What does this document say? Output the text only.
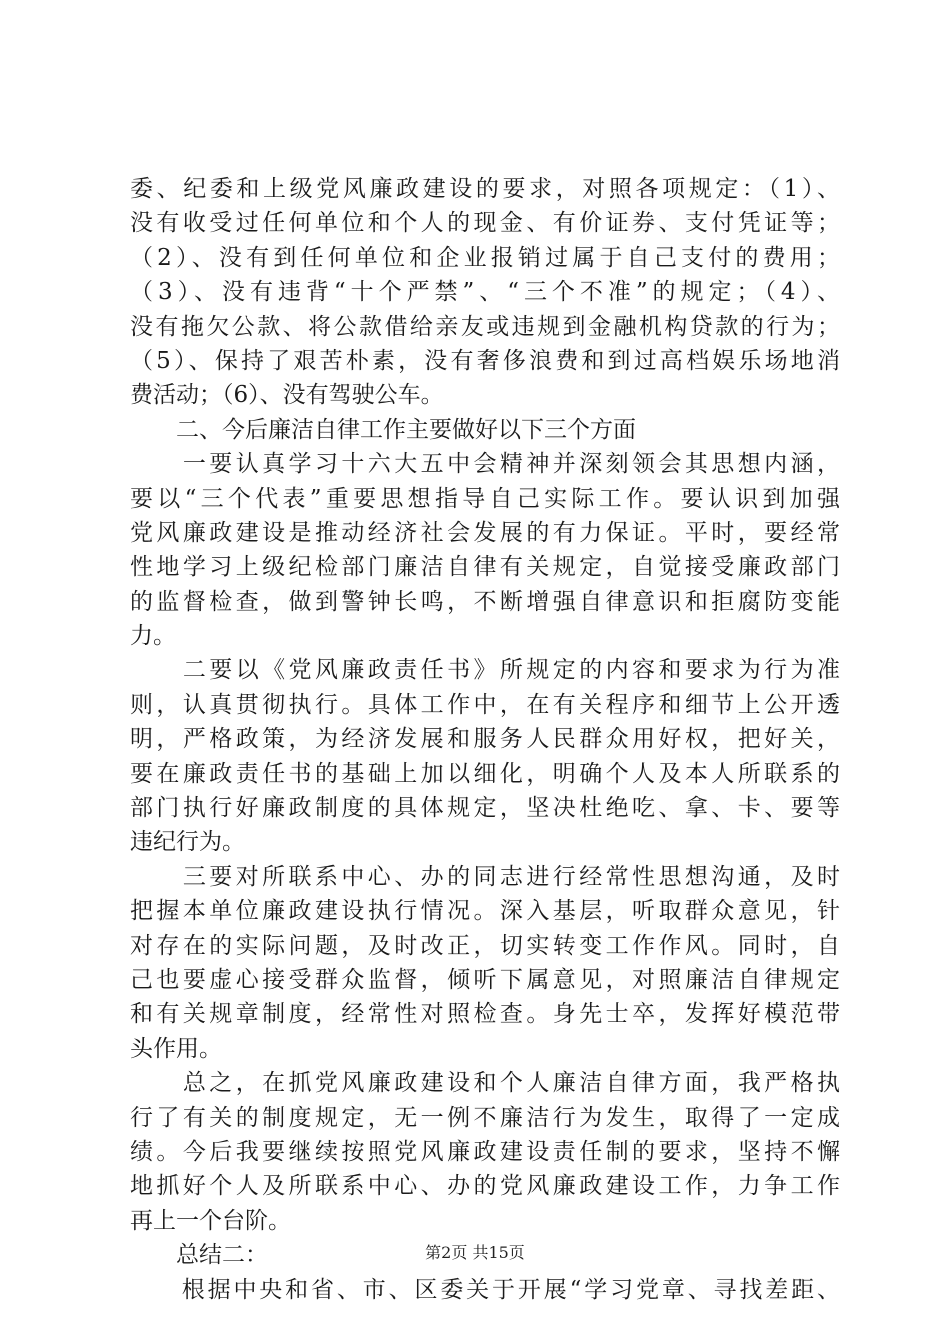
委、纪委和上级党风廉政建设的要求，对照各项规定：（1）、
没有收受过任何单位和个人的现金、有价证券、支付凭证等；
（2）、没有到任何单位和企业报销过属于自己支付的费用；
（3）、没有违背“十个严禁”、“三个不准”的规定；（4）、
没有拖欠公款、将公款借给亲友或违规到金融机构贷款的行为；
（5）、保持了艰苦朴素，没有奢侈浪费和到过高档娱乐场地消
费活动；（6）、没有驾驶公车。
　　二、今后廉洁自律工作主要做好以下三个方面
　　一要认真学习十六大五中会精神并深刻领会其思想内涵，
要以“三个代表”重要思想指导自己实际工作。要认识到加强
党风廉政建设是推动经济社会发展的有力保证。平时，要经常
性地学习上级纪检部门廉洁自律有关规定，自觉接受廉政部门
的监督检查，做到警钟长鸣，不断增强自律意识和拒腐防变能
力。
　　二要以《党风廉政责任书》所规定的内容和要求为行为准
则，认真贯彻执行。具体工作中，在有关程序和细节上公开透
明，严格政策，为经济发展和服务人民群众用好权，把好关，
要在廉政责任书的基础上加以细化，明确个人及本人所联系的
部门执行好廉政制度的具体规定，坚决杜绝吃、拿、卡、要等
违纪行为。
　　三要对所联系中心、办的同志进行经常性思想沟通，及时
把握本单位廉政建设执行情况。深入基层，听取群众意见，针
对存在的实际问题，及时改正，切实转变工作作风。同时，自
己也要虚心接受群众监督，倾听下属意见，对照廉洁自律规定
和有关规章制度，经常性对照检查。身先士卒，发挥好模范带
头作用。
　　总之，在抓党风廉政建设和个人廉洁自律方面，我严格执
行了有关的制度规定，无一例不廉洁行为发生，取得了一定成
绩。今后我要继续按照党风廉政建设责任制的要求，坚持不懈
地抓好个人及所联系中心、办的党风廉政建设工作，力争工作
再上一个台阶。
　　总结二：
　　根据中央和省、市、区委关于开展“学习党章、寻找差距、
第2页 共15页
